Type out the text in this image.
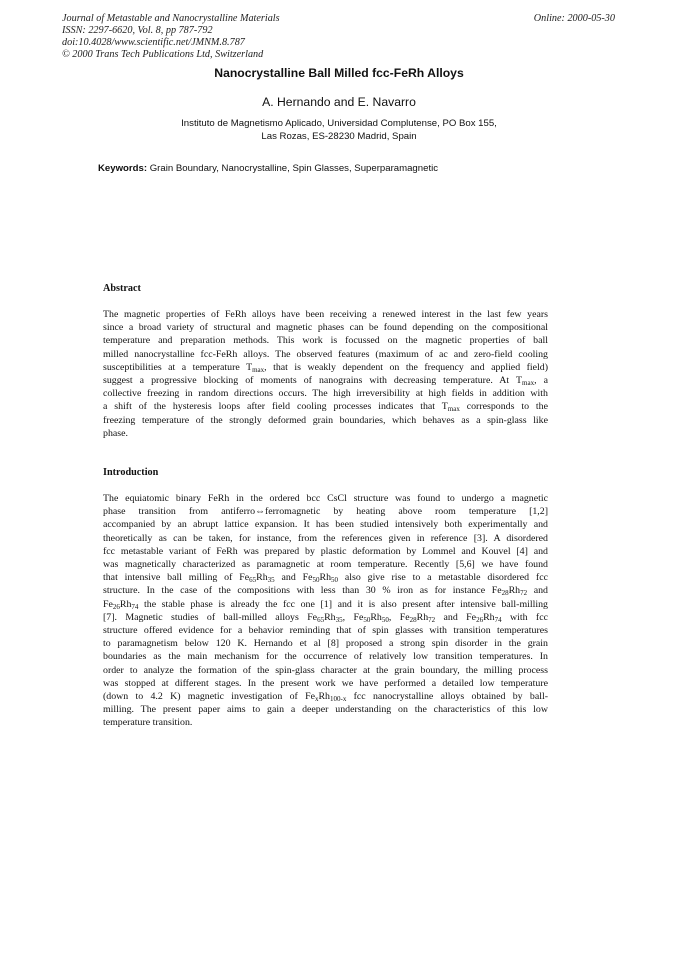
Journal of Metastable and Nanocrystalline Materials
ISSN: 2297-6620, Vol. 8, pp 787-792
doi:10.4028/www.scientific.net/JMNM.8.787
© 2000 Trans Tech Publications Ltd, Switzerland
Online: 2000-05-30
Nanocrystalline Ball Milled fcc-FeRh Alloys
A. Hernando and E. Navarro
Instituto de Magnetismo Aplicado, Universidad Complutense, PO Box 155,
Las Rozas, ES-28230 Madrid, Spain
Keywords: Grain Boundary, Nanocrystalline, Spin Glasses, Superparamagnetic
Abstract
The magnetic properties of FeRh alloys have been receiving a renewed interest in the last few years
since a broad variety of structural and magnetic phases can be found depending on the compositional
temperature and preparation methods. This work is focussed on the magnetic properties of ball
milled nanocrystalline fcc-FeRh alloys. The observed features (maximum of ac and zero-field cooling
susceptibilities at a temperature $T_{max}$, that is weakly dependent on the frequency and applied field)
suggest a progressive blocking of moments of nanograins with decreasing temperature. At $T_{max}$, a
collective freezing in random directions occurs. The high irreversibility at high fields in addition with
a shift of the hysteresis loops after field cooling processes indicates that $T_{max}$ corresponds to the
freezing temperature of the strongly deformed grain boundaries, which behaves as a spin-glass like
phase.
Introduction
The equiatomic binary FeRh in the ordered bcc CsCl structure was found to undergo a magnetic
phase transition from antiferro⇔ferromagnetic by heating above room temperature [1,2]
accompanied by an abrupt lattice expansion. It has been studied intensively both experimentally and
theoretically as can be taken, for instance, from the references given in reference [3]. A disordered
fcc metastable variant of FeRh was prepared by plastic deformation by Lommel and Kouvel [4] and
was magnetically characterized as paramagnetic at room temperature. Recently [5,6] we have found
that intensive ball milling of $Fe_{65}Rh_{35}$ and $Fe_{50}Rh_{50}$ also give rise to a metastable disordered fcc
structure. In the case of the compositions with less than 30 % iron as for instance $Fe_{28}Rh_{72}$ and
$Fe_{26}Rh_{74}$ the stable phase is already the fcc one [1] and it is also present after intensive ball-milling
[7]. Magnetic studies of ball-milled alloys $Fe_{65}Rh_{35}$, $Fe_{50}Rh_{50}$, $Fe_{28}Rh_{72}$ and $Fe_{26}Rh_{74}$ with fcc
structure offered evidence for a behavior reminding that of spin glasses with transition temperatures
to paramagnetism below 120 K. Hernando et al [8] proposed a strong spin disorder in the grain
boundaries as the main mechanism for the occurrence of relatively low transition temperatures. In
order to analyze the formation of the spin-glass character at the grain boundary, the milling process
was stopped at different stages. In the present work we have performed a detailed low temperature
(down to 4.2 K) magnetic investigation of $Fe_xRh_{100-x}$ fcc nanocrystalline alloys obtained by ball-
milling. The present paper aims to gain a deeper understanding on the characteristics of this low
temperature transition.
